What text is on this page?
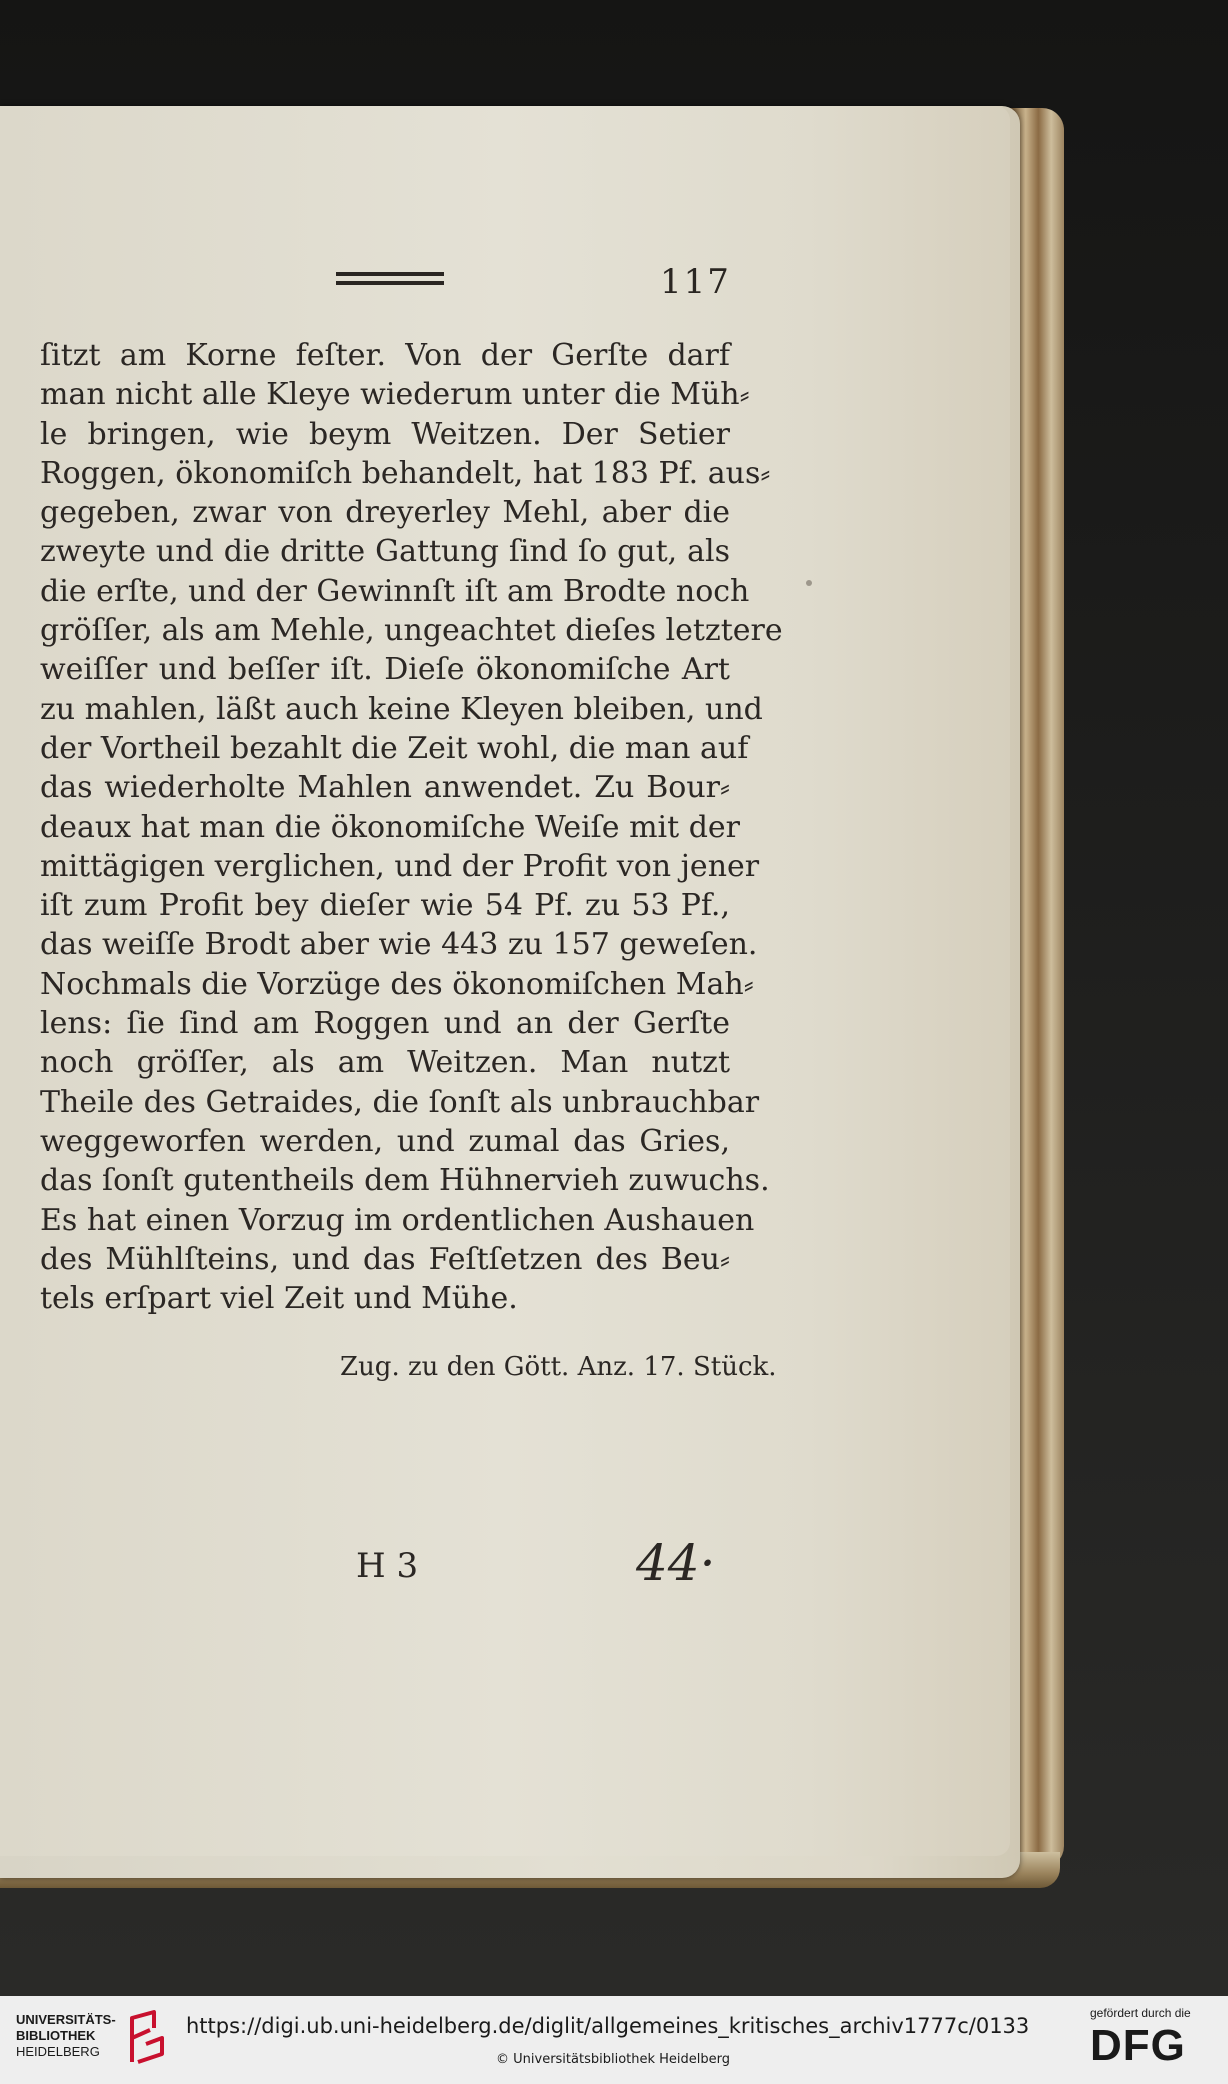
117
ſitzt am Korne feſter. Von der Gerſte darf
man nicht alle Kleye wiederum unter die Müh⸗
le bringen, wie beym Weitzen. Der Setier
Roggen, ökonomiſch behandelt, hat 183 Pf. aus⸗
gegeben, zwar von dreyerley Mehl, aber die
zweyte und die dritte Gattung ſind ſo gut, als
die erſte, und der Gewinnſt iſt am Brodte noch
gröſſer, als am Mehle, ungeachtet dieſes letztere
weiſſer und beſſer iſt. Dieſe ökonomiſche Art
zu mahlen, läßt auch keine Kleyen bleiben, und
der Vortheil bezahlt die Zeit wohl, die man auf
das wiederholte Mahlen anwendet. Zu Bour⸗
deaux hat man die ökonomiſche Weiſe mit der
mittägigen verglichen, und der Profit von jener
iſt zum Profit bey dieſer wie 54 Pf. zu 53 Pf.,
das weiſſe Brodt aber wie 443 zu 157 geweſen.
Nochmals die Vorzüge des ökonomiſchen Mah⸗
lens: ſie ſind am Roggen und an der Gerſte
noch gröſſer, als am Weitzen. Man nutzt
Theile des Getraides, die ſonſt als unbrauchbar
weggeworfen werden, und zumal das Gries,
das ſonſt gutentheils dem Hühnervieh zuwuchs.
Es hat einen Vorzug im ordentlichen Aushauen
des Mühlſteins, und das Feſtſetzen des Beu⸗
tels erſpart viel Zeit und Mühe.
Zug. zu den Gött. Anz. 17. Stück.
H 3	44·
UNIVERSITÄTS-
BIBLIOTHEK
HEIDELBERG
https://digi.ub.uni-heidelberg.de/diglit/allgemeines_kritisches_archiv1777c/0133
© Universitätsbibliothek Heidelberg
gefördert durch die
DFG
